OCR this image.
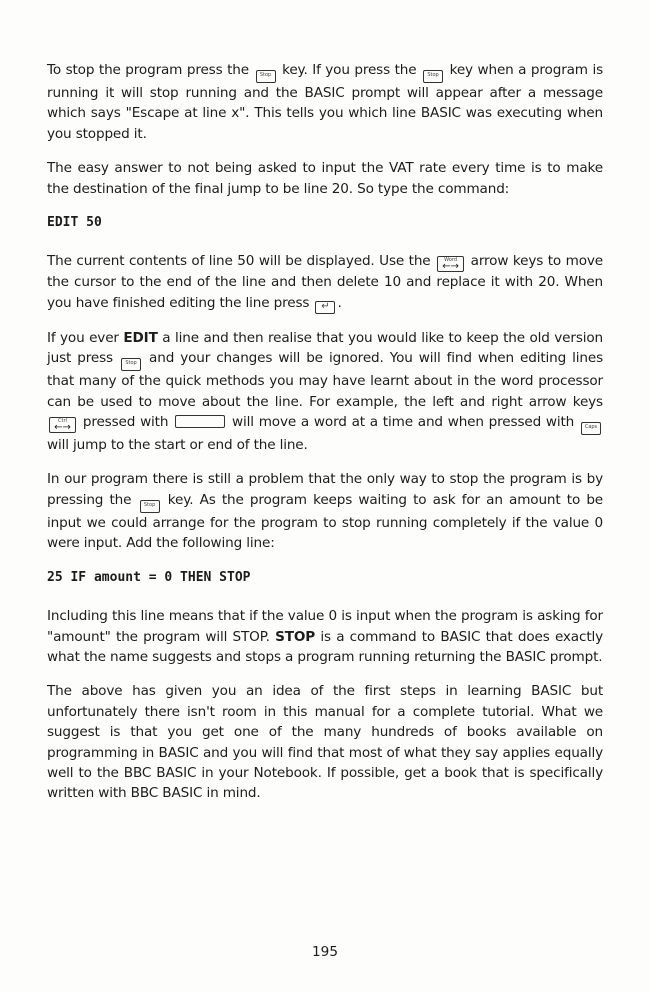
To stop the program press the Stop key. If you press the Stop key when a program is running it will stop running and the BASIC prompt will appear after a message which says "Escape at line x". This tells you which line BASIC was executing when you stopped it.

The easy answer to not being asked to input the VAT rate every time is to make the destination of the final jump to be line 20. So type the command:

EDIT 50

The current contents of line 50 will be displayed. Use the	Word
←→ arrow keys to move the cursor to the end of the line and then delete 10 and replace it with 20. When you have finished editing the line press ↵ .

If you ever EDIT a line and then realise that you would like to keep the old version just press Stop and your changes will be ignored. You will find when editing lines that many of the quick methods you may have learnt about in the word processor can be used to move about the line. For example, the left and right arrow keys Ctrl
←→ pressed with	will move a word at a time and when pressed with Caps will jump to the start or end of the line.

In our program there is still a problem that the only way to stop the program is by pressing the	Stop key. As the program keeps waiting to ask for an amount to be input we could arrange for the program to stop running completely if the value 0 were input. Add the following line:

25 IF amount = 0 THEN STOP

Including this line means that if the value 0 is input when the program is asking for "amount" the program will STOP. STOP is a command to BASIC that does exactly what the name suggests and stops a program running returning the BASIC prompt.

The above has given you an idea of the first steps in learning BASIC but unfortunately there isn't room in this manual for a complete tutorial. What we suggest is that you get one of the many hundreds of books available on programming in BASIC and you will find that most of what they say applies equally well to the BBC BASIC in your Notebook. If possible, get a book that is specifically written with BBC BASIC in mind.

195
